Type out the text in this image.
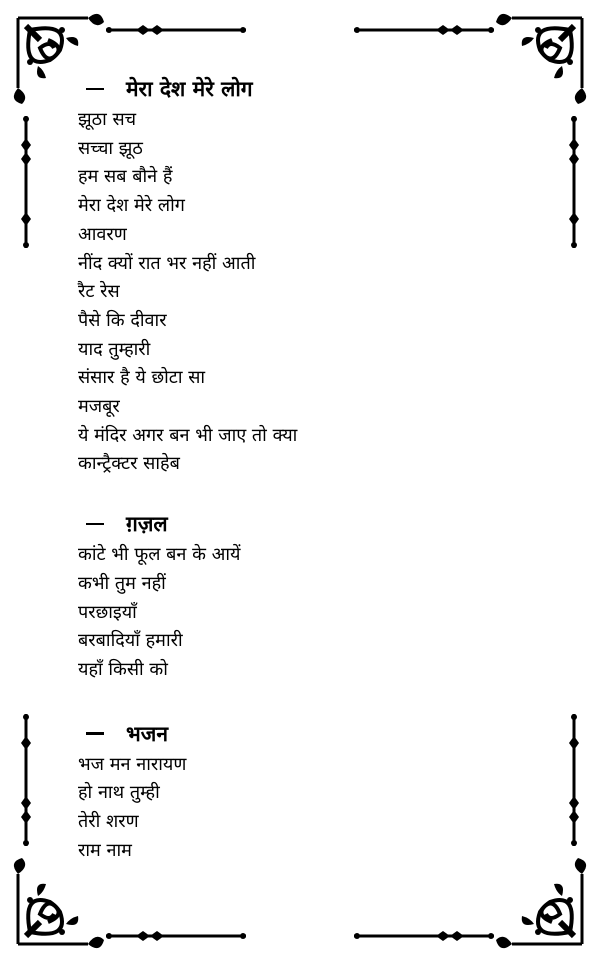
मेरा देश मेरे लोग
झूठा सच
सच्चा झूठ
हम सब बौने हैं
मेरा देश मेरे लोग
आवरण
नींद क्यों रात भर नहीं आती
रैट रेस
पैसे कि दीवार
याद तुम्हारी
संसार है ये छोटा सा
मजबूर
ये मंदिर अगर बन भी जाए तो क्या
कान्ट्रैक्टर साहेब
ग़ज़ल
कांटे भी फूल बन के आयें
कभी तुम नहीं
परछाइयाँ
बरबादियाँ हमारी
यहाँ किसी को
भजन
भज मन नारायण
हो नाथ तुम्ही
तेरी शरण
राम नाम
